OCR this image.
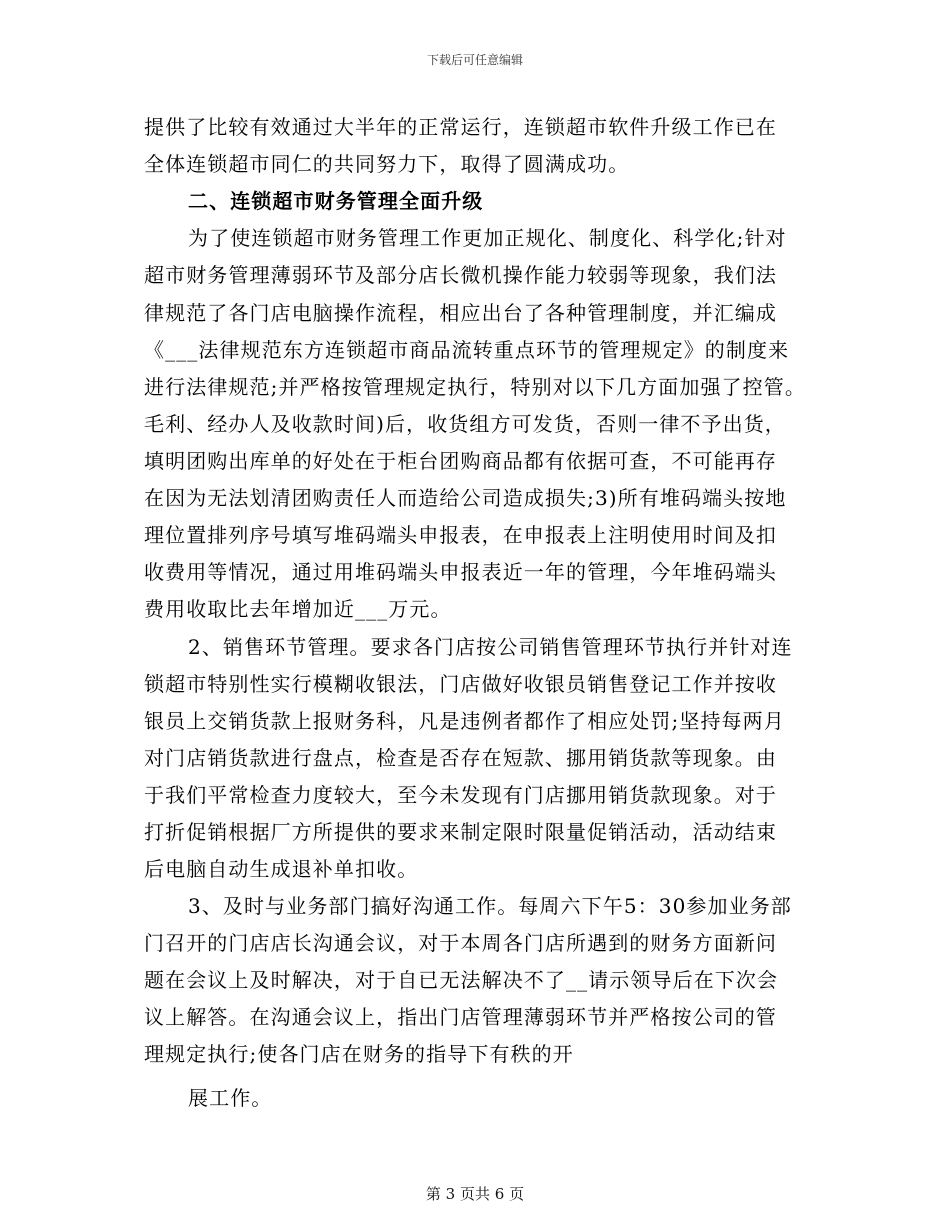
下载后可任意编辑
提供了比较有效通过大半年的正常运行，连锁超市软件升级工作已在
全体连锁超市同仁的共同努力下，取得了圆满成功。
二、连锁超市财务管理全面升级
为了使连锁超市财务管理工作更加正规化、制度化、科学化;针对
超市财务管理薄弱环节及部分店长微机操作能力较弱等现象，我们法
律规范了各门店电脑操作流程，相应出台了各种管理制度，并汇编成
《___法律规范东方连锁超市商品流转重点环节的管理规定》的制度来
进行法律规范;并严格按管理规定执行，特别对以下几方面加强了控管。
毛利、经办人及收款时间)后，收货组方可发货，否则一律不予出货，
填明团购出库单的好处在于柜台团购商品都有依据可查，不可能再存
在因为无法划清团购责任人而造给公司造成损失;3)所有堆码端头按地
理位置排列序号填写堆码端头申报表，在申报表上注明使用时间及扣
收费用等情况，通过用堆码端头申报表近一年的管理，今年堆码端头
费用收取比去年增加近___万元。
2、销售环节管理。要求各门店按公司销售管理环节执行并针对连
锁超市特别性实行模糊收银法，门店做好收银员销售登记工作并按收
银员上交销货款上报财务科，凡是违例者都作了相应处罚;坚持每两月
对门店销货款进行盘点，检查是否存在短款、挪用销货款等现象。由
于我们平常检查力度较大，至今未发现有门店挪用销货款现象。对于
打折促销根据厂方所提供的要求来制定限时限量促销活动，活动结束
后电脑自动生成退补单扣收。
3、及时与业务部门搞好沟通工作。每周六下午5：30参加业务部
门召开的门店店长沟通会议，对于本周各门店所遇到的财务方面新问
题在会议上及时解决，对于自已无法解决不了__请示领导后在下次会
议上解答。在沟通会议上，指出门店管理薄弱环节并严格按公司的管
理规定执行;使各门店在财务的指导下有秩的开
展工作。
第 3 页共 6 页
